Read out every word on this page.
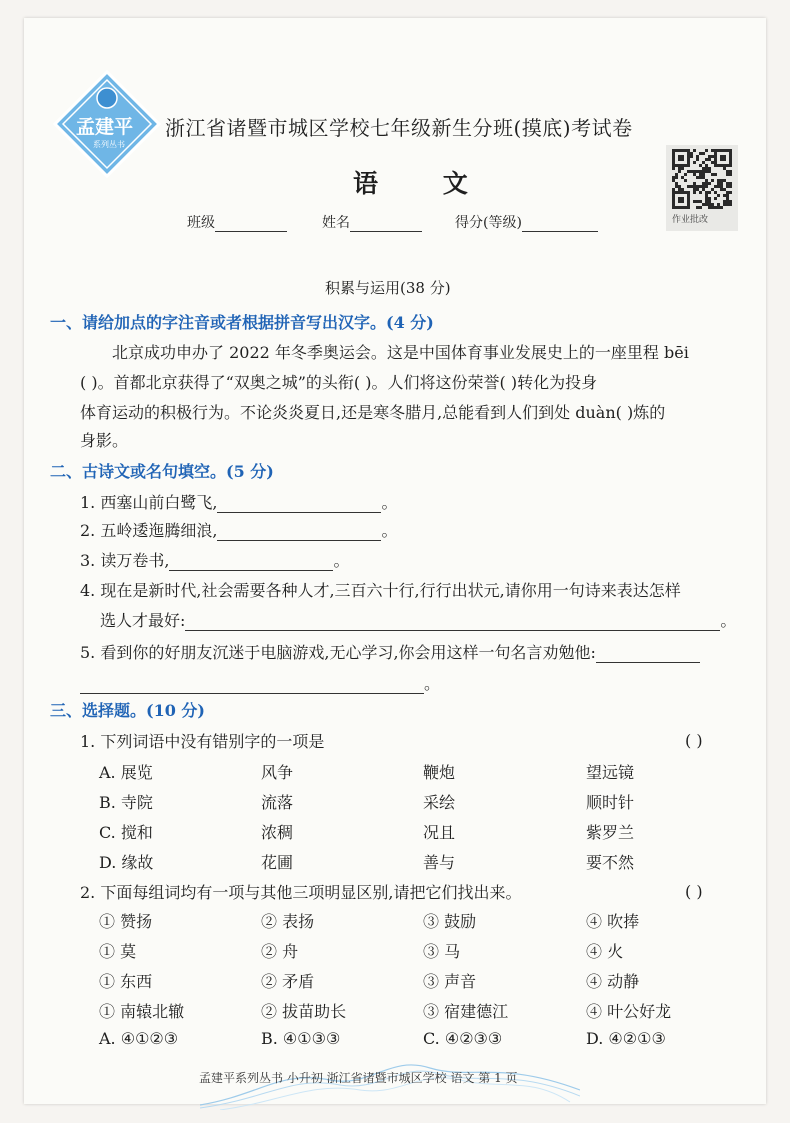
孟建平
系列丛书
浙江省诸暨市城区学校七年级新生分班(摸底)考试卷
作业批改
语 文
班级	姓名	得分(等级)
积累与运用(38 分)
一、请给加点的字注音或者根据拼音写出汉字。(4 分)
北京成功申办了 2022 年冬季奥运会。这是中国体育事业发展史上的一座里程 bēi
( )。首都北京获得了“双奥之城”的头衔( )。人们将这份荣誉( )转化为投身
体育运动的积极行为。不论炎炎夏日,还是寒冬腊月,总能看到人们到处 duàn( )炼的
身影。
二、古诗文或名句填空。(5 分)
1. 西塞山前白鹭飞,	。
2. 五岭逶迤腾细浪,	。
3. 读万卷书,	。
4. 现在是新时代,社会需要各种人才,三百六十行,行行出状元,请你用一句诗来表达怎样
选人才最好:	。
5. 看到你的好朋友沉迷于电脑游戏,无心学习,你会用这样一句名言劝勉他:
。
三、选择题。(10 分)
1. 下列词语中没有错别字的一项是	( )
A. 展览	风争	鞭炮	望远镜
B. 寺院	流落	采绘	顺时针
C. 搅和	浓稠	况且	紫罗兰
D. 缘故	花圃	善与	要不然
2. 下面每组词均有一项与其他三项明显区别,请把它们找出来。	( )
① 赞扬	② 表扬	③ 鼓励	④ 吹捧
① 莫	② 舟	③ 马	④ 火
① 东西	② 矛盾	③ 声音	④ 动静
① 南辕北辙	② 拔苗助长	③ 宿建德江	④ 叶公好龙
A. ④①②③	B. ④①③③	C. ④②③③	D. ④②①③
孟建平系列丛书 小升初 浙江省诸暨市城区学校 语文 第 1 页
